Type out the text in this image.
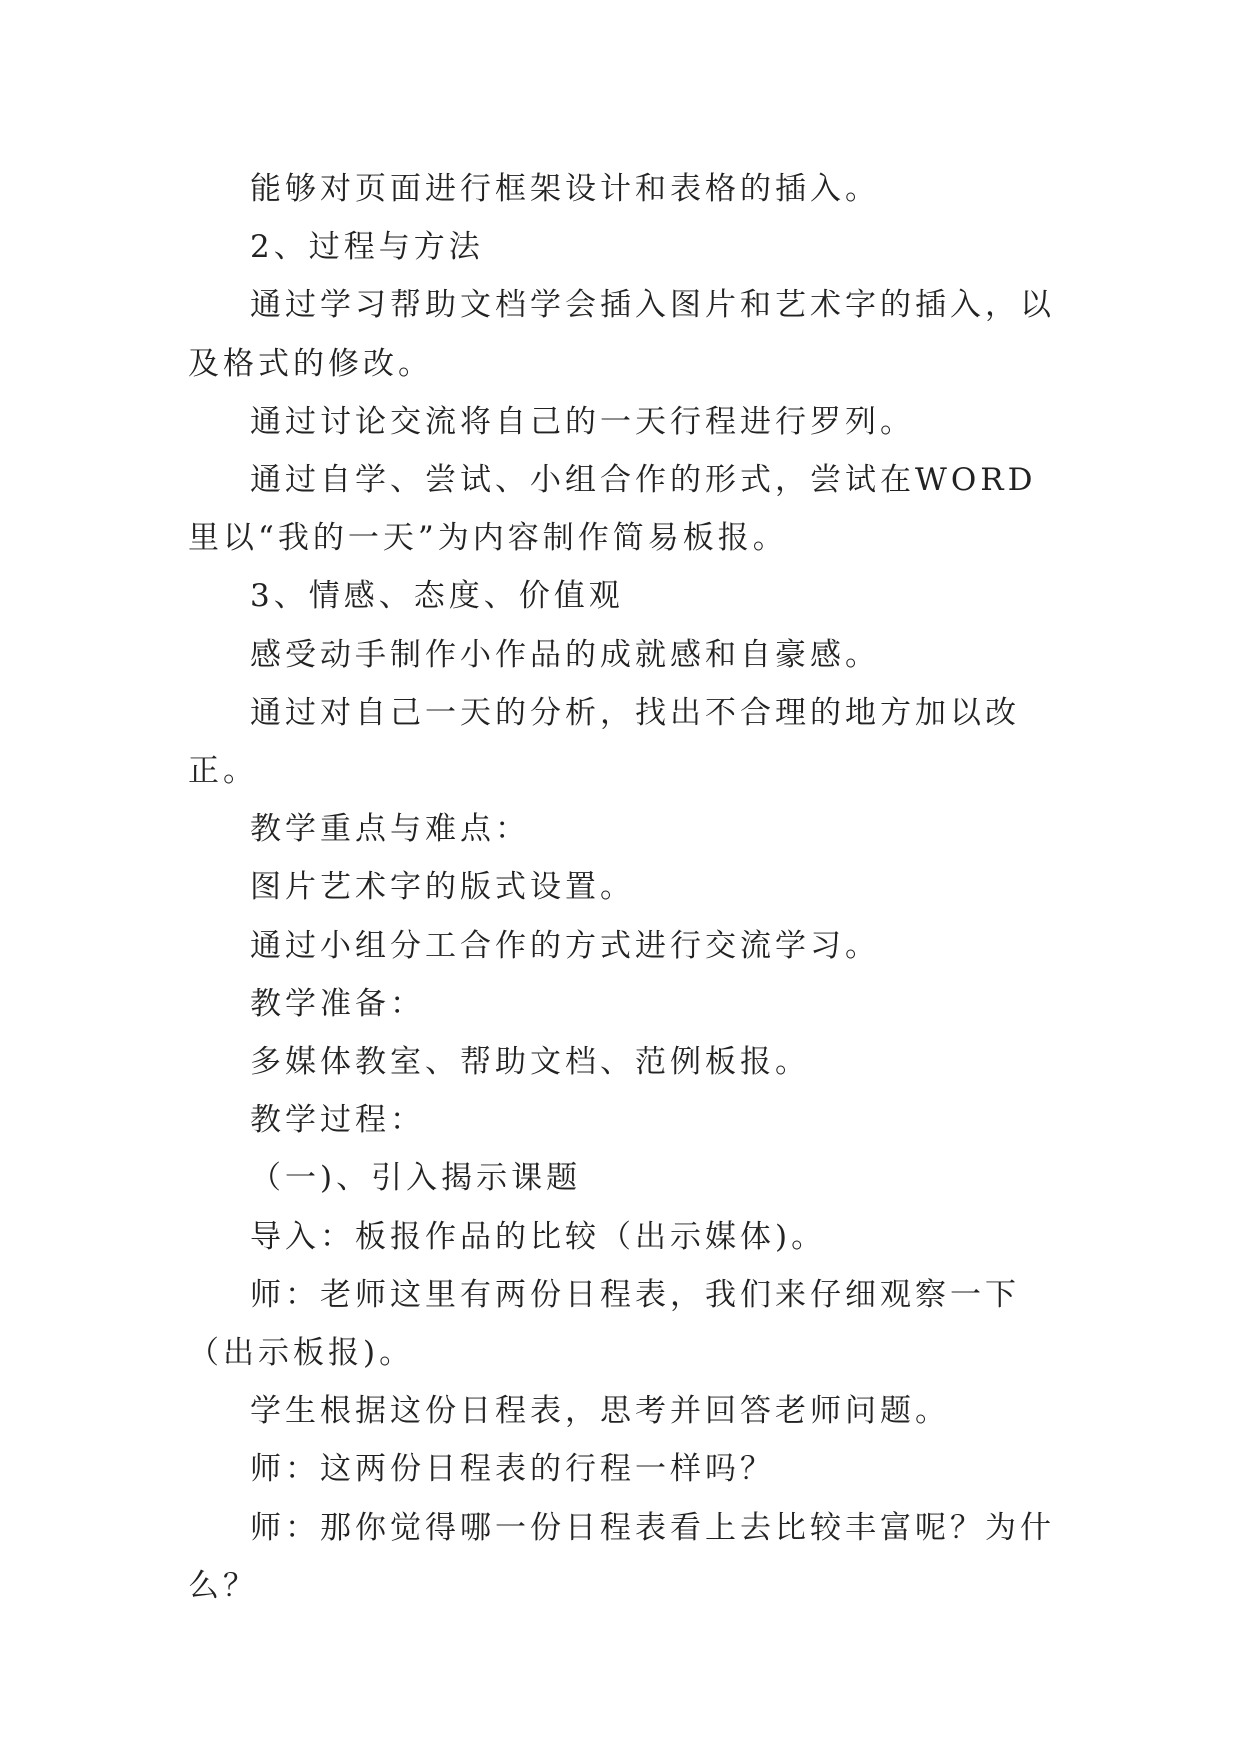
能够对页面进行框架设计和表格的插入。

2、过程与方法

通过学习帮助文档学会插入图片和艺术字的插入，以及格式的修改。

通过讨论交流将自己的一天行程进行罗列。

通过自学、尝试、小组合作的形式，尝试在WORD里以“我的一天”为内容制作简易板报。

3、情感、态度、价值观

感受动手制作小作品的成就感和自豪感。

通过对自己一天的分析，找出不合理的地方加以改正。

教学重点与难点：

图片艺术字的版式设置。

通过小组分工合作的方式进行交流学习。

教学准备：

多媒体教室、帮助文档、范例板报。

教学过程：

（一)、引入揭示课题

导入：板报作品的比较（出示媒体)。

师：老师这里有两份日程表，我们来仔细观察一下（出示板报)。

学生根据这份日程表，思考并回答老师问题。

师：这两份日程表的行程一样吗？

师：那你觉得哪一份日程表看上去比较丰富呢？为什么？
